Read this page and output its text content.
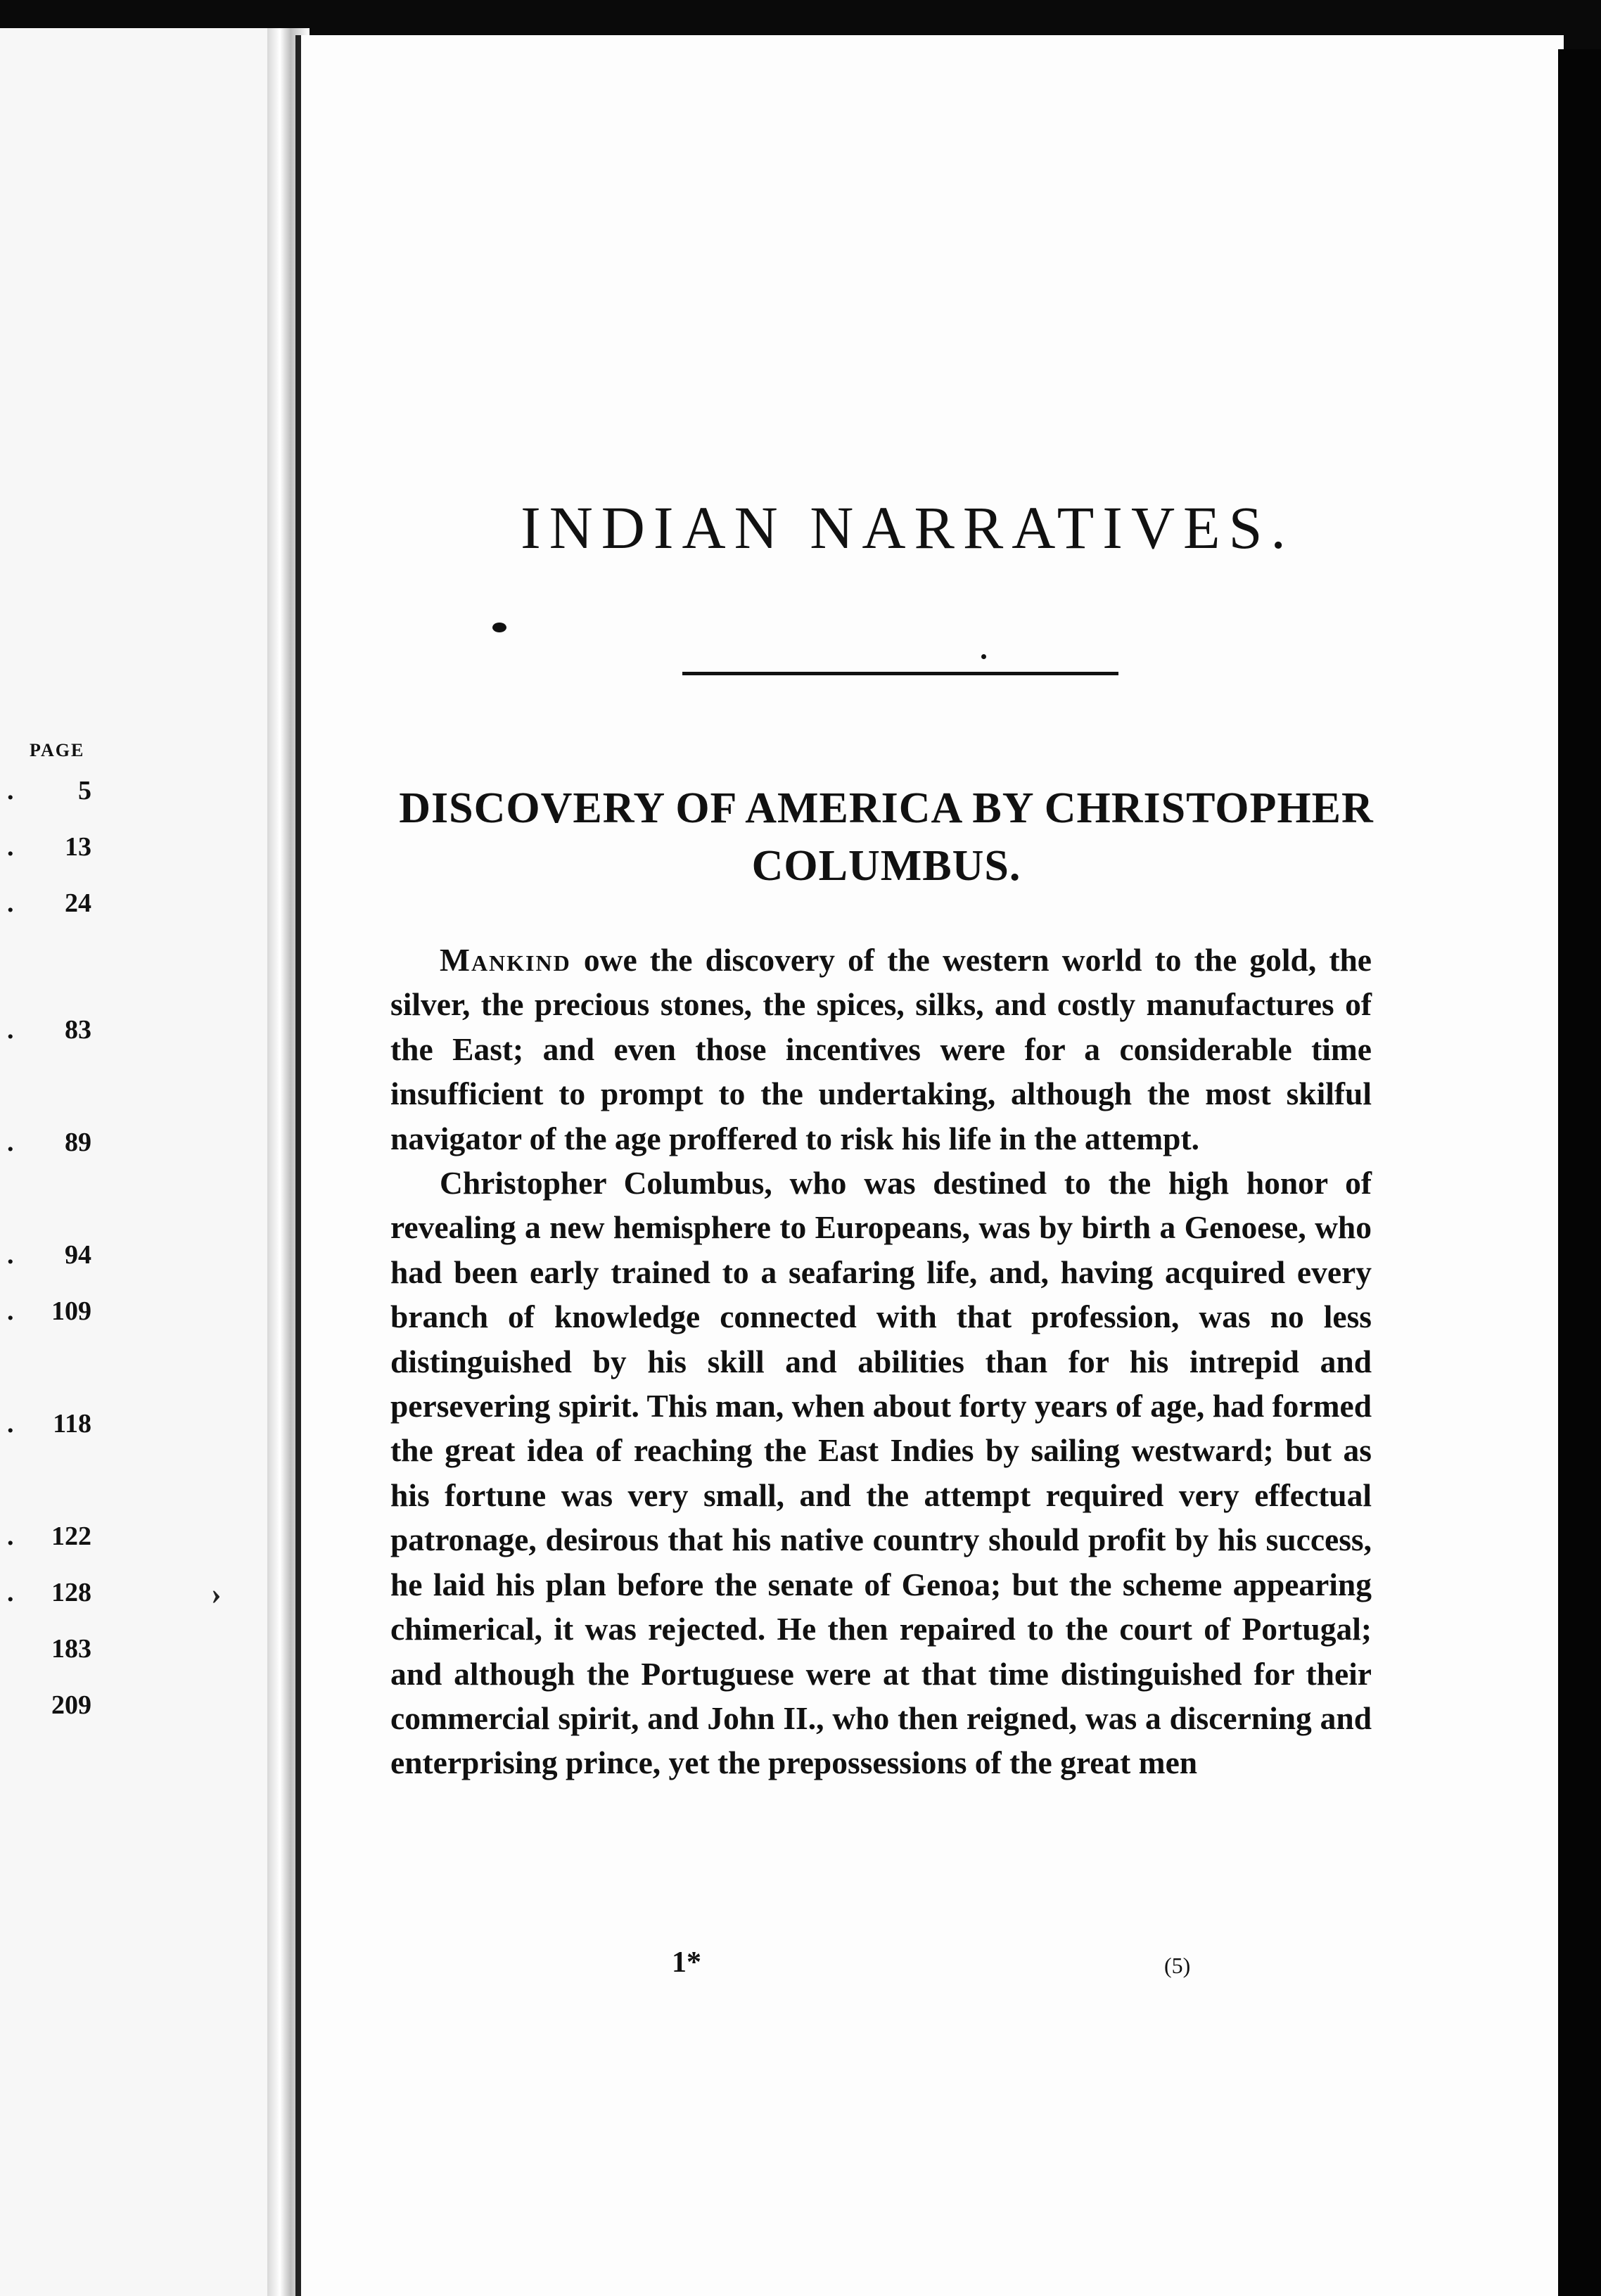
PAGE
. 5
. 13
. 24
. 83
. 89
. 94
. 109
. 118
. 122
. 128
183
209
›
INDIAN NARRATIVES.
DISCOVERY OF AMERICA BY CHRISTOPHER COLUMBUS.

Mankind owe the discovery of the western world to the gold, the silver, the precious stones, the spices, silks, and costly manufactures of the East; and even those incentives were for a considerable time insufficient to prompt to the undertaking, although the most skilful navigator of the age proffered to risk his life in the attempt.

Christopher Columbus, who was destined to the high honor of revealing a new hemisphere to Europeans, was by birth a Genoese, who had been early trained to a seafaring life, and, having acquired every branch of knowledge connected with that profession, was no less distinguished by his skill and abilities than for his intrepid and persevering spirit. This man, when about forty years of age, had formed the great idea of reaching the East Indies by sailing westward; but as his fortune was very small, and the attempt required very effectual patronage, desirous that his native country should profit by his success, he laid his plan before the senate of Genoa; but the scheme appearing chimerical, it was rejected. He then repaired to the court of Portugal; and although the Portuguese were at that time distinguished for their commercial spirit, and John II., who then reigned, was a discerning and enterprising prince, yet the prepossessions of the great men

1*	(5)
